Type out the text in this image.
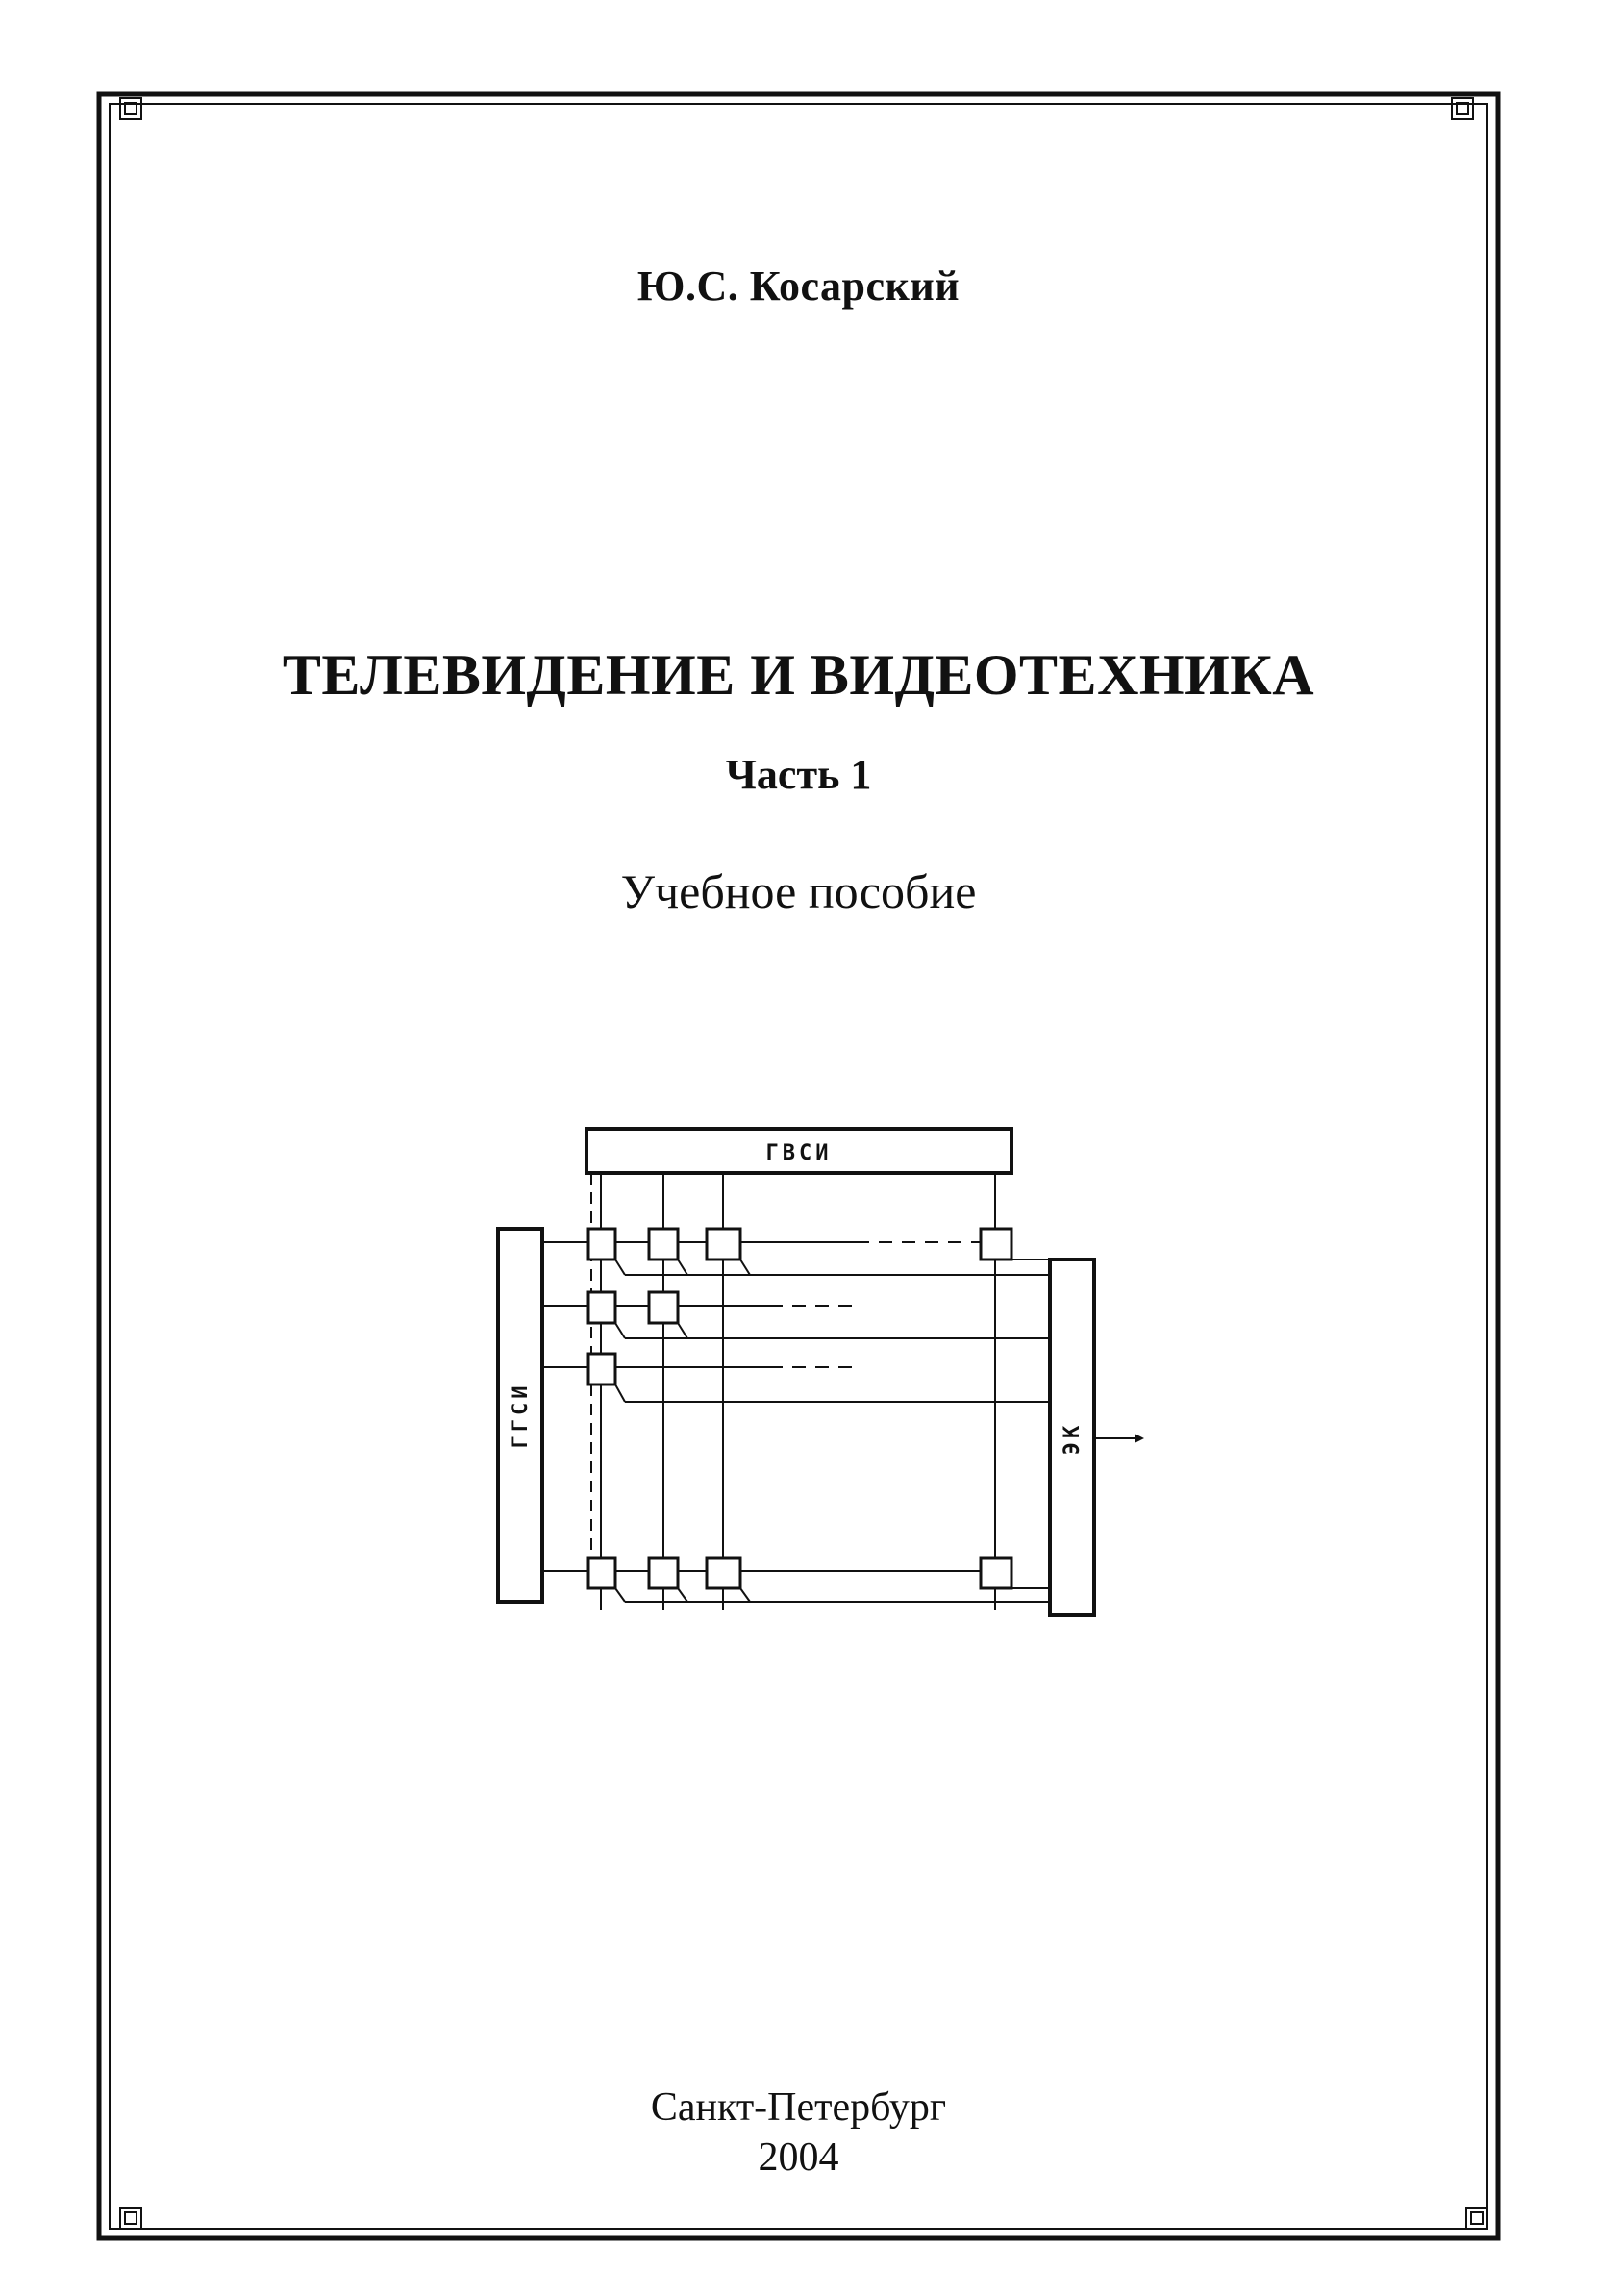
Ю.С. Косарский
ТЕЛЕВИДЕНИЕ И ВИДЕОТЕХНИКА
Часть 1
Учебное пособие
ГВСИ
ГГСИ	ЭК
Санкт-Петербург
2004
